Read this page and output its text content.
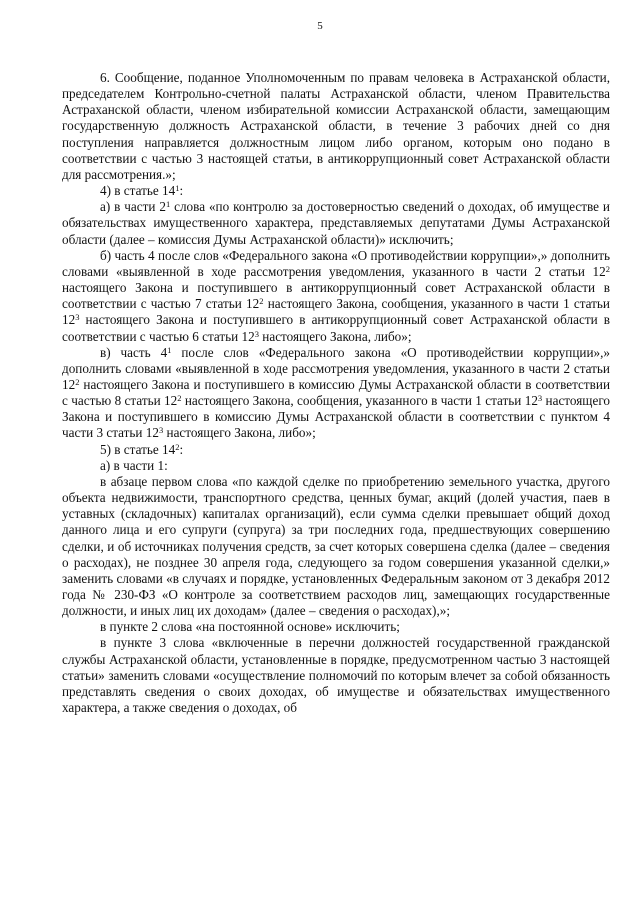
5

6. Сообщение, поданное Уполномоченным по правам человека в Астраханской области, председателем Контрольно-счетной палаты Астраханской области, членом Правительства Астраханской области, членом избирательной комиссии Астраханской области, замещающим государственную должность Астраханской области, в течение 3 рабочих дней со дня поступления направляется должностным лицом либо органом, которым оно подано в соответствии с частью 3 настоящей статьи, в антикоррупционный совет Астраханской области для рассмотрения.»;

4) в статье $14^1$:

а) в части $2^1$ слова «по контролю за достоверностью сведений о доходах, об имуществе и обязательствах имущественного характера, представляемых депутатами Думы Астраханской области (далее – комиссия Думы Астраханской области)» исключить;

б) часть 4 после слов «Федерального закона «О противодействии коррупции»,» дополнить словами «выявленной в ходе рассмотрения уведомления, указанного в части 2 статьи $12^2$ настоящего Закона и поступившего в антикоррупционный совет Астраханской области в соответствии с частью 7 статьи $12^2$ настоящего Закона, сообщения, указанного в части 1 статьи $12^3$ настоящего Закона и поступившего в антикоррупционный совет Астраханской области в соответствии с частью 6 статьи $12^3$ настоящего Закона, либо»;

в) часть $4^1$ после слов «Федерального закона «О противодействии коррупции»,» дополнить словами «выявленной в ходе рассмотрения уведомления, указанного в части 2 статьи $12^2$ настоящего Закона и поступившего в комиссию Думы Астраханской области в соответствии с частью 8 статьи $12^2$ настоящего Закона, сообщения, указанного в части 1 статьи $12^3$ настоящего Закона и поступившего в комиссию Думы Астраханской области в соответствии с пунктом 4 части 3 статьи $12^3$ настоящего Закона, либо»;

5) в статье $14^2$:

а) в части 1:

в абзаце первом слова «по каждой сделке по приобретению земельного участка, другого объекта недвижимости, транспортного средства, ценных бумаг, акций (долей участия, паев в уставных (складочных) капиталах организаций), если сумма сделки превышает общий доход данного лица и его супруги (супруга) за три последних года, предшествующих совершению сделки, и об источниках получения средств, за счет которых совершена сделка (далее – сведения о расходах), не позднее 30 апреля года, следующего за годом совершения указанной сделки,» заменить словами «в случаях и порядке, установленных Федеральным законом от 3 декабря 2012 года № 230-ФЗ «О контроле за соответствием расходов лиц, замещающих государственные должности, и иных лиц их доходам» (далее – сведения о расходах),»;

в пункте 2 слова «на постоянной основе» исключить;

в пункте 3 слова «включенные в перечни должностей государственной гражданской службы Астраханской области, установленные в порядке, предусмотренном частью 3 настоящей статьи» заменить словами «осуществление полномочий по которым влечет за собой обязанность представлять сведения о своих доходах, об имуществе и обязательствах имущественного характера, а также сведения о доходах, об
